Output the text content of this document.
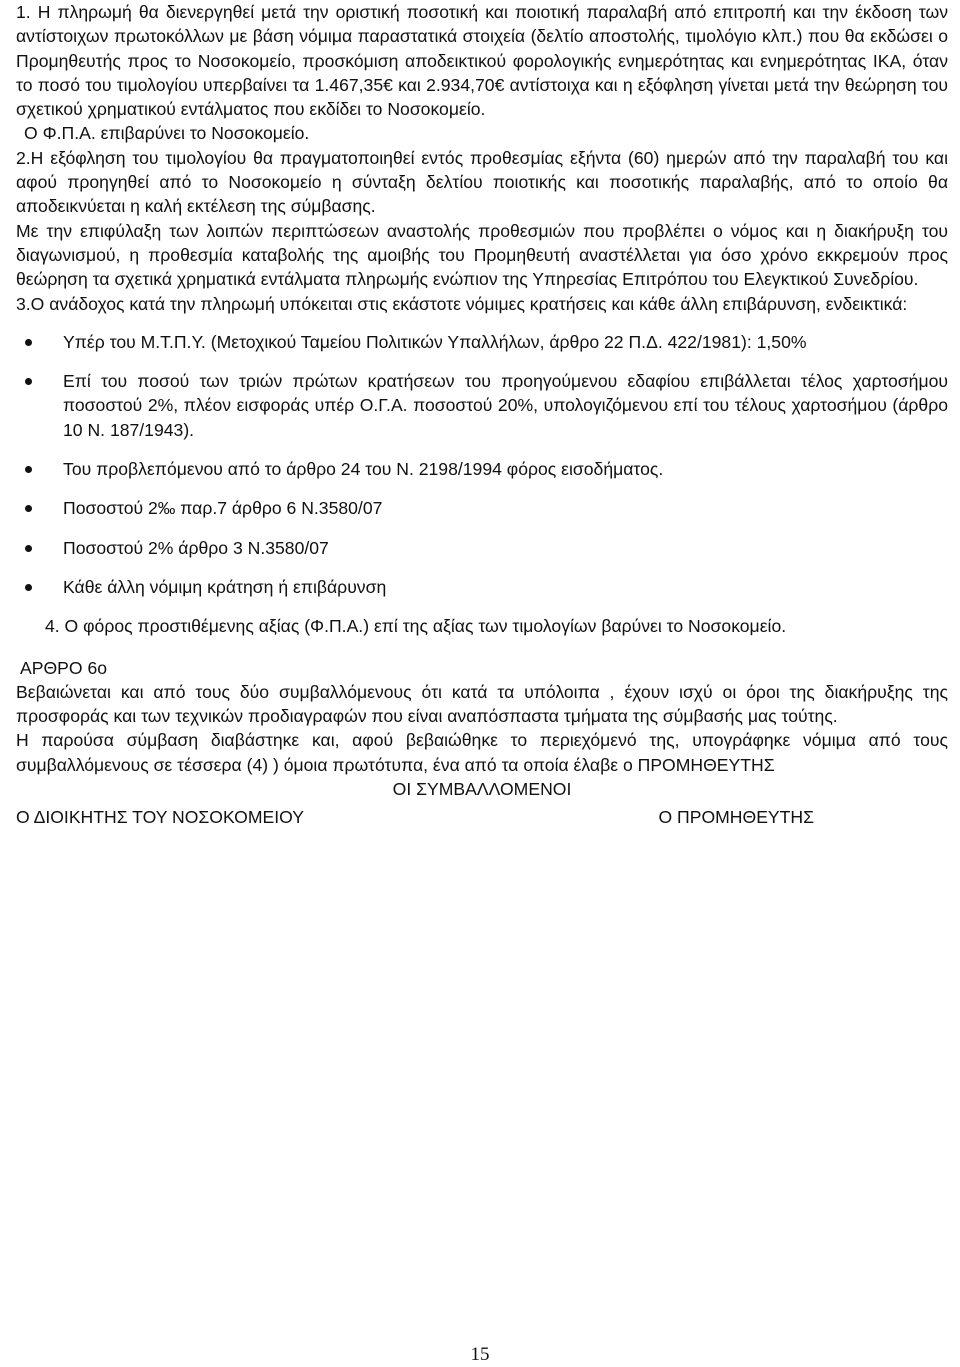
1. Η πληρωμή θα διενεργηθεί μετά την οριστική ποσοτική και ποιοτική παραλαβή από επιτροπή και την έκδοση των αντίστοιχων πρωτοκόλλων με βάση νόμιμα παραστατικά στοιχεία (δελτίο αποστολής, τιμολόγιο κλπ.) που θα εκδώσει ο Προμηθευτής προς το Νοσοκομείο, προσκόμιση αποδεικτικού φορολογικής ενημερότητας και ενημερότητας ΙΚΑ, όταν το ποσό του τιμολογίου υπερβαίνει τα 1.467,35€ και 2.934,70€ αντίστοιχα και η εξόφληση γίνεται μετά την θεώρηση του σχετικού χρηματικού εντάλματος που εκδίδει το Νοσοκομείο.

Ο Φ.Π.Α. επιβαρύνει το Νοσοκομείο.

2.Η εξόφληση του τιμολογίου θα πραγματοποιηθεί εντός προθεσμίας εξήντα (60) ημερών από την παραλαβή του και αφού προηγηθεί από το Νοσοκομείο η σύνταξη δελτίου ποιοτικής και ποσοτικής παραλαβής, από το οποίο θα αποδεικνύεται η καλή εκτέλεση της σύμβασης.

Με την επιφύλαξη των λοιπών περιπτώσεων αναστολής προθεσμιών που προβλέπει ο νόμος και η διακήρυξη του διαγωνισμού, η προθεσμία καταβολής της αμοιβής του Προμηθευτή αναστέλλεται για όσο χρόνο εκκρεμούν προς θεώρηση τα σχετικά χρηματικά εντάλματα πληρωμής ενώπιον της Υπηρεσίας Επιτρόπου του Ελεγκτικού Συνεδρίου.

3.Ο ανάδοχος κατά την πληρωμή υπόκειται στις εκάστοτε νόμιμες κρατήσεις και κάθε άλλη επιβάρυνση, ενδεικτικά:

Υπέρ του Μ.Τ.Π.Υ. (Μετοχικού Ταμείου Πολιτικών Υπαλλήλων, άρθρο 22 Π.Δ. 422/1981): 1,50%
Επί του ποσού των τριών πρώτων κρατήσεων του προηγούμενου εδαφίου επιβάλλεται τέλος χαρτοσήμου ποσοστού 2%, πλέον εισφοράς υπέρ Ο.Γ.Α. ποσοστού 20%, υπολογιζόμενου επί του τέλους χαρτοσήμου (άρθρο 10 Ν. 187/1943).
Του προβλεπόμενου από το άρθρο 24 του Ν. 2198/1994 φόρος εισοδήματος.
Ποσοστού 2‰ παρ.7 άρθρο 6 Ν.3580/07
Ποσοστού 2% άρθρο 3 Ν.3580/07
Κάθε άλλη νόμιμη κράτηση ή επιβάρυνση

4. Ο φόρος προστιθέμενης αξίας (Φ.Π.Α.) επί της αξίας των τιμολογίων βαρύνει το Νοσοκομείο.

ΑΡΘΡΟ 6ο

Βεβαιώνεται και από τους δύο συμβαλλόμενους ότι κατά τα υπόλοιπα , έχουν ισχύ οι όροι της διακήρυξης της προσφοράς και των τεχνικών προδιαγραφών που είναι αναπόσπαστα τμήματα της σύμβασής μας τούτης.

Η παρούσα σύμβαση διαβάστηκε και, αφού βεβαιώθηκε το περιεχόμενό της, υπογράφηκε νόμιμα από τους συμβαλλόμενους σε τέσσερα (4) ) όμοια πρωτότυπα, ένα από τα οποία έλαβε ο ΠΡΟΜΗΘΕΥΤΗΣ

ΟΙ ΣΥΜΒΑΛΛΟΜΕΝΟΙ
Ο ΔΙΟΙΚΗΤΗΣ ΤΟΥ ΝΟΣΟΚΟΜΕΙΟΥ	Ο ΠΡΟΜΗΘΕΥΤΗΣ
15
